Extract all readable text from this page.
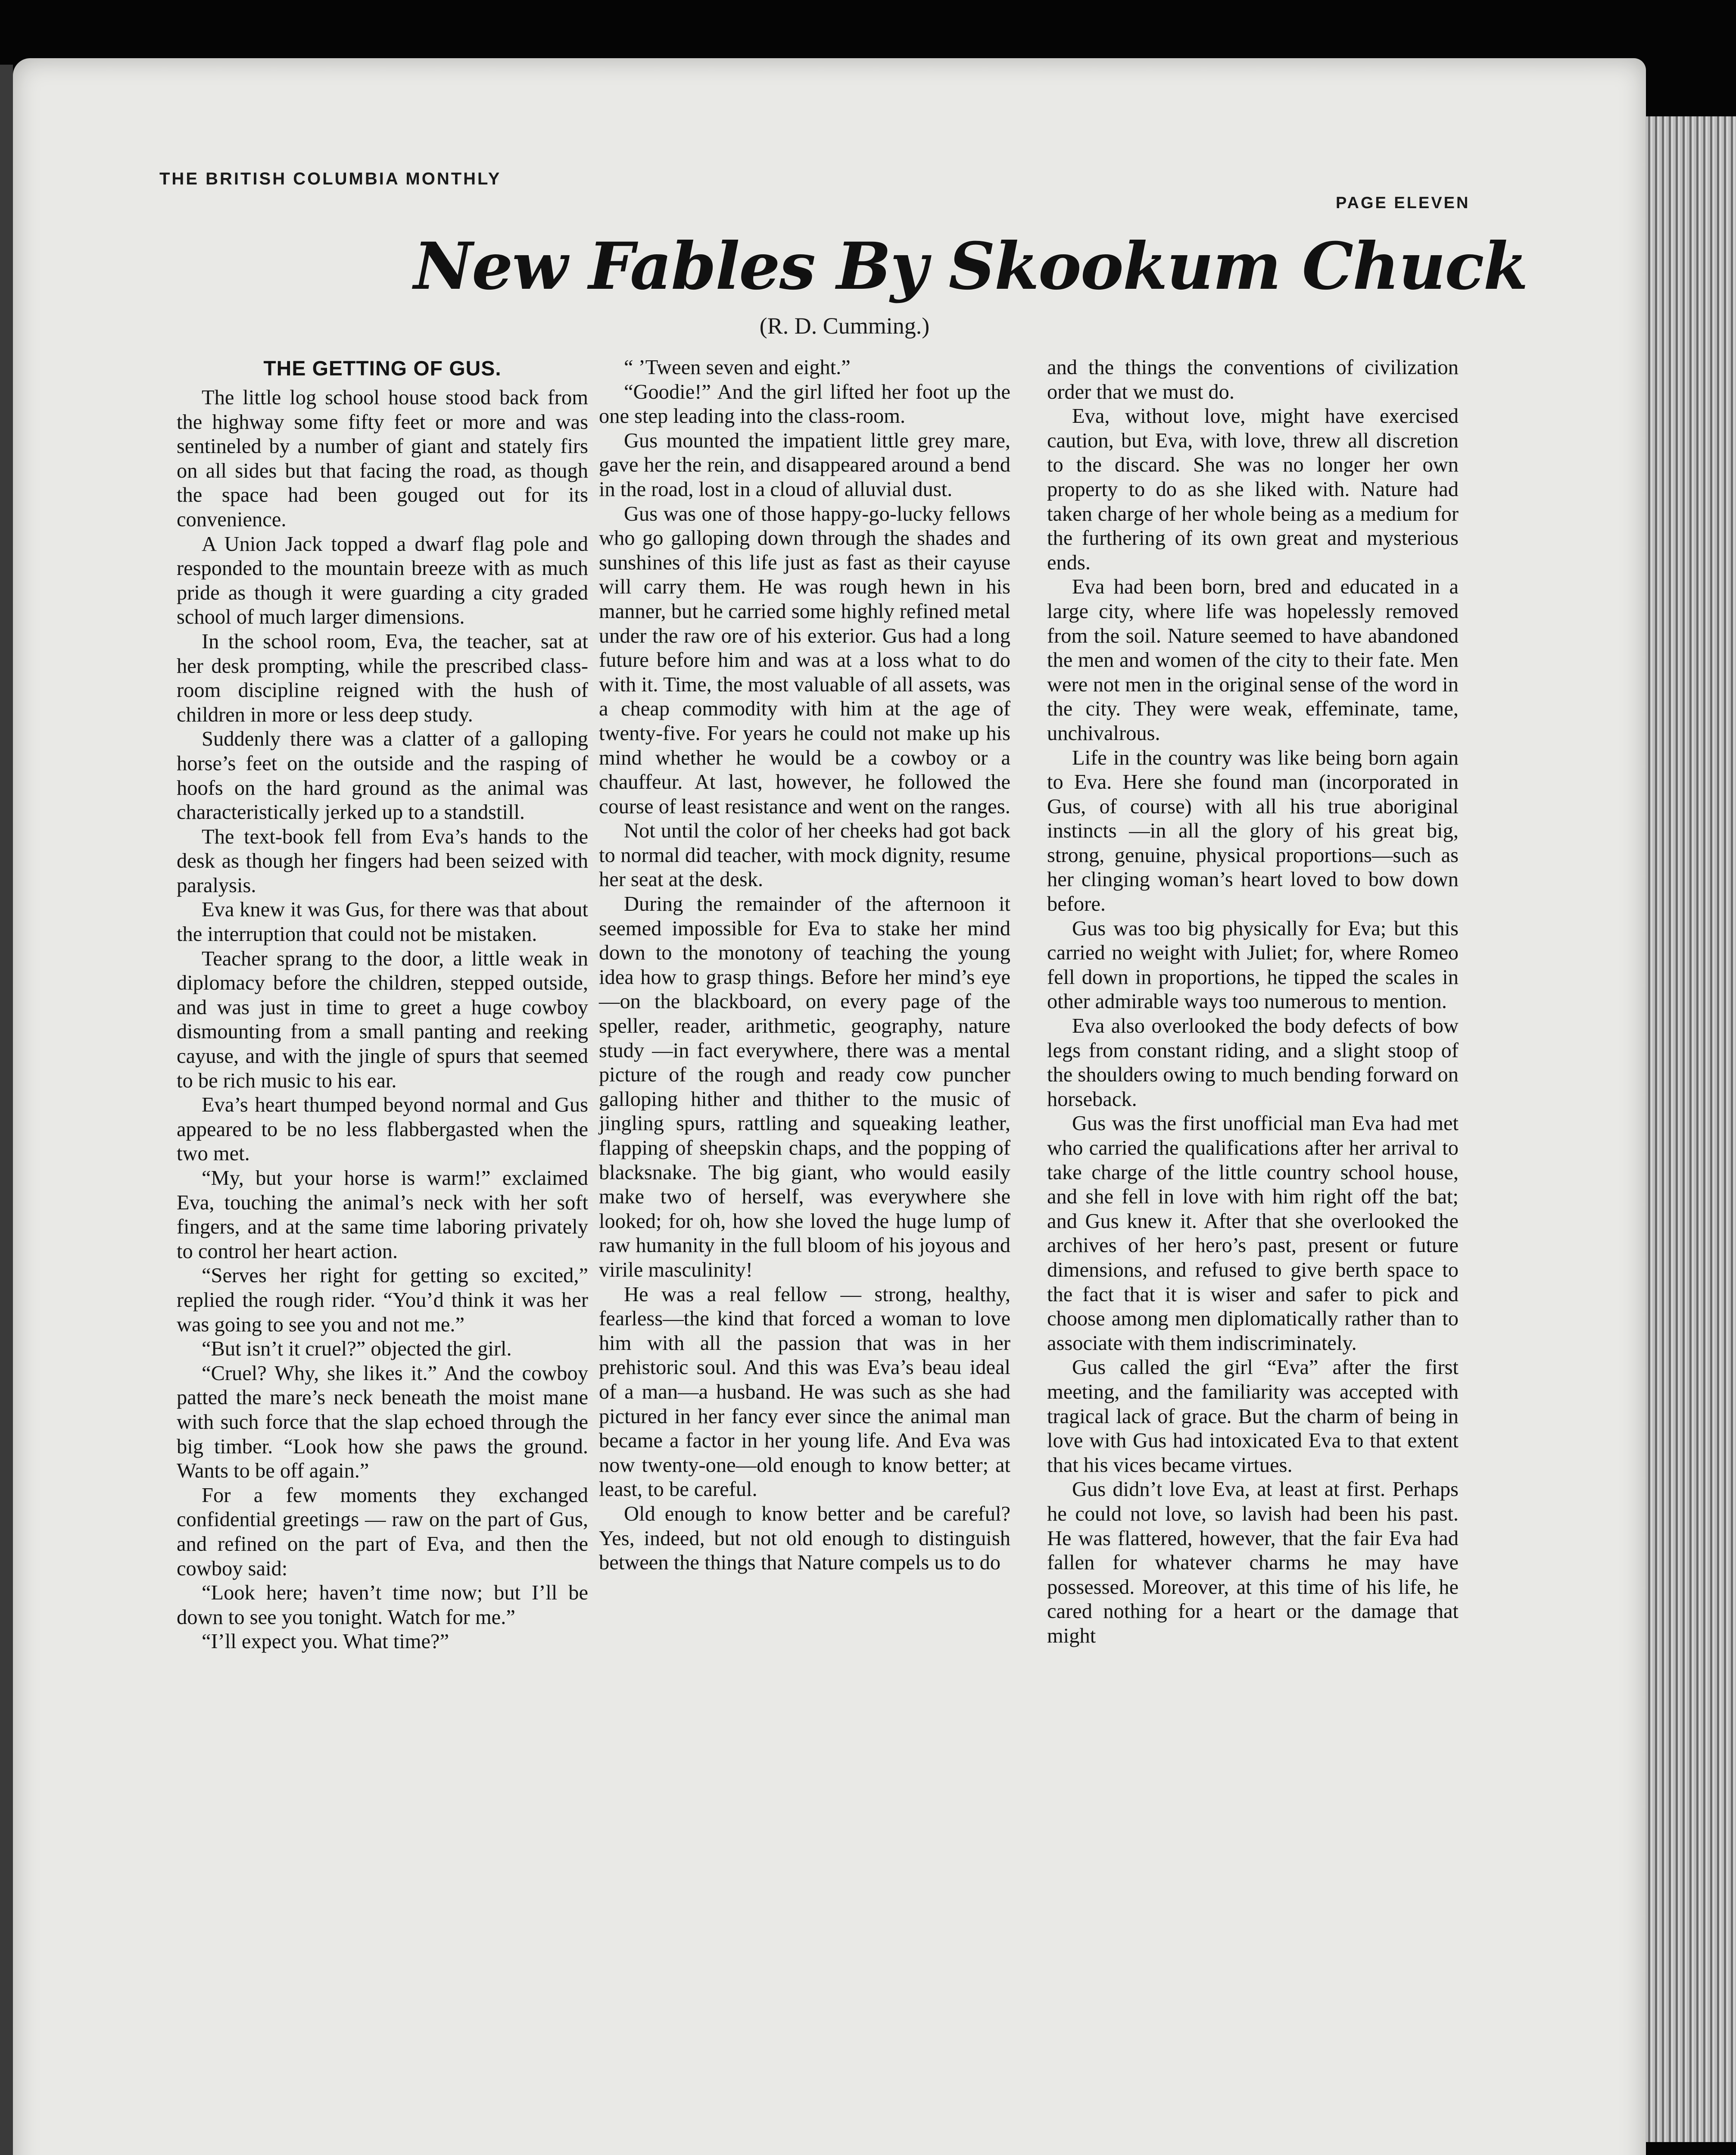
THE BRITISH COLUMBIA MONTHLY

PAGE ELEVEN

New Fables By Skookum Chuck

(R. D. Cumming.)

THE GETTING OF GUS.

The little log school house stood back from the highway some fifty feet or more and was sentineled by a number of giant and stately firs on all sides but that facing the road, as though the space had been gouged out for its convenience.

A Union Jack topped a dwarf flag pole and responded to the mountain breeze with as much pride as though it were guarding a city graded school of much larger dimensions.

In the school room, Eva, the teacher, sat at her desk prompting, while the prescribed class-room discipline reigned with the hush of children in more or less deep study.

Suddenly there was a clatter of a galloping horse’s feet on the outside and the rasping of hoofs on the hard ground as the animal was characteristically jerked up to a standstill.

The text-book fell from Eva’s hands to the desk as though her fingers had been seized with paralysis.

Eva knew it was Gus, for there was that about the interruption that could not be mistaken.

Teacher sprang to the door, a little weak in diplomacy before the children, stepped outside, and was just in time to greet a huge cowboy dismounting from a small panting and reeking cayuse, and with the jingle of spurs that seemed to be rich music to his ear.

Eva’s heart thumped beyond normal and Gus appeared to be no less flabbergasted when the two met.

“My, but your horse is warm!” exclaimed Eva, touching the animal’s neck with her soft fingers, and at the same time laboring privately to control her heart action.

“Serves her right for getting so excited,” replied the rough rider. “You’d think it was her was going to see you and not me.”

“But isn’t it cruel?” objected the girl.

“Cruel? Why, she likes it.” And the cowboy patted the mare’s neck beneath the moist mane with such force that the slap echoed through the big timber. “Look how she paws the ground. Wants to be off again.”

For a few moments they exchanged confidential greetings — raw on the part of Gus, and refined on the part of Eva, and then the cowboy said:

“Look here; haven’t time now; but I’ll be down to see you tonight. Watch for me.”

“I’ll expect you. What time?”

“ ’Tween seven and eight.”

“Goodie!” And the girl lifted her foot up the one step leading into the class-room.

Gus mounted the impatient little grey mare, gave her the rein, and disappeared around a bend in the road, lost in a cloud of alluvial dust.

Gus was one of those happy-go-lucky fellows who go galloping down through the shades and sunshines of this life just as fast as their cayuse will carry them. He was rough hewn in his manner, but he carried some highly refined metal under the raw ore of his exterior. Gus had a long future before him and was at a loss what to do with it. Time, the most valuable of all assets, was a cheap commodity with him at the age of twenty-five. For years he could not make up his mind whether he would be a cowboy or a chauffeur. At last, however, he followed the course of least resistance and went on the ranges.

Not until the color of her cheeks had got back to normal did teacher, with mock dignity, resume her seat at the desk.

During the remainder of the afternoon it seemed impossible for Eva to stake her mind down to the monotony of teaching the young idea how to grasp things. Before her mind’s eye—on the blackboard, on every page of the speller, reader, arithmetic, geography, nature study —in fact everywhere, there was a mental picture of the rough and ready cow puncher galloping hither and thither to the music of jingling spurs, rattling and squeaking leather, flapping of sheepskin chaps, and the popping of blacksnake. The big giant, who would easily make two of herself, was everywhere she looked; for oh, how she loved the huge lump of raw humanity in the full bloom of his joyous and virile masculinity!

He was a real fellow — strong, healthy, fearless—the kind that forced a woman to love him with all the passion that was in her prehistoric soul. And this was Eva’s beau ideal of a man—a husband. He was such as she had pictured in her fancy ever since the animal man became a factor in her young life. And Eva was now twenty-one—old enough to know better; at least, to be careful.

Old enough to know better and be careful? Yes, indeed, but not old enough to distinguish between the things that Nature compels us to do

and the things the conventions of civilization order that we must do.

Eva, without love, might have exercised caution, but Eva, with love, threw all discretion to the discard. She was no longer her own property to do as she liked with. Nature had taken charge of her whole being as a medium for the furthering of its own great and mysterious ends.

Eva had been born, bred and educated in a large city, where life was hopelessly removed from the soil. Nature seemed to have abandoned the men and women of the city to their fate. Men were not men in the original sense of the word in the city. They were weak, effeminate, tame, unchivalrous.

Life in the country was like being born again to Eva. Here she found man (incorporated in Gus, of course) with all his true aboriginal instincts —in all the glory of his great big, strong, genuine, physical proportions—such as her clinging woman’s heart loved to bow down before.

Gus was too big physically for Eva; but this carried no weight with Juliet; for, where Romeo fell down in proportions, he tipped the scales in other admirable ways too numerous to mention.

Eva also overlooked the body defects of bow legs from constant riding, and a slight stoop of the shoulders owing to much bending forward on horseback.

Gus was the first unofficial man Eva had met who carried the qualifications after her arrival to take charge of the little country school house, and she fell in love with him right off the bat; and Gus knew it. After that she overlooked the archives of her hero’s past, present or future dimensions, and refused to give berth space to the fact that it is wiser and safer to pick and choose among men diplomatically rather than to associate with them indiscriminately.

Gus called the girl “Eva” after the first meeting, and the familiarity was accepted with tragical lack of grace. But the charm of being in love with Gus had intoxicated Eva to that extent that his vices became virtues.

Gus didn’t love Eva, at least at first. Perhaps he could not love, so lavish had been his past. He was flattered, however, that the fair Eva had fallen for whatever charms he may have possessed. Moreover, at this time of his life, he cared nothing for a heart or the damage that might
